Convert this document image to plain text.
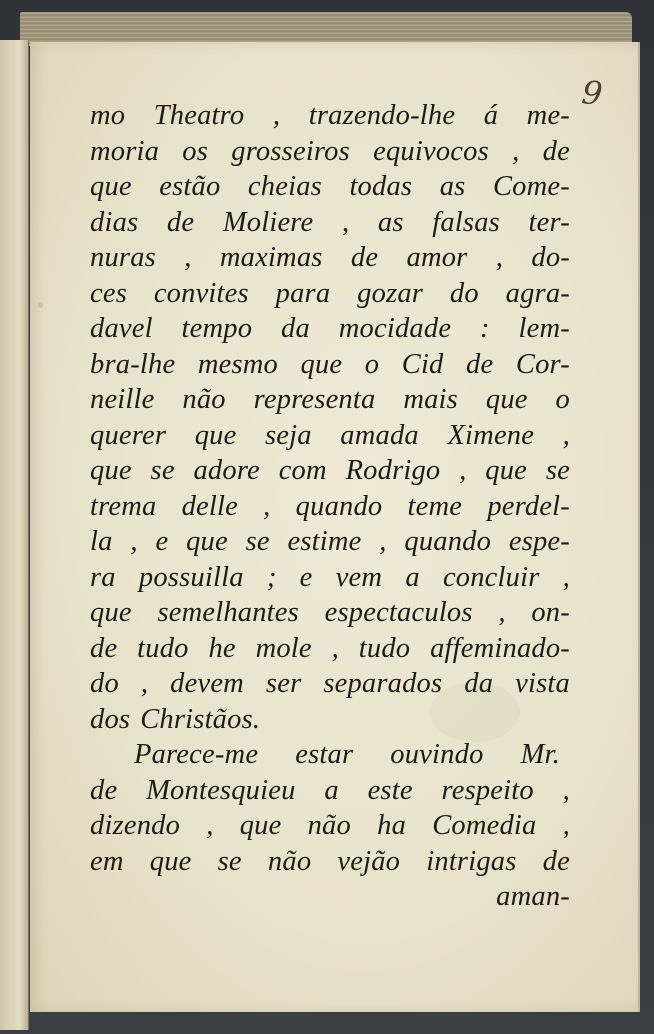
9
mo Theatro , trazendo-lhe á me-
moria os grosseiros equivocos , de
que estão cheias todas as Come-
dias de Moliere , as falsas ter-
nuras , maximas de amor , do-
ces convites para gozar do agra-
davel tempo da mocidade : lem-
bra-lhe mesmo que o Cid de Cor-
neille não representa mais que o
querer que seja amada Ximene ,
que se adore com Rodrigo , que se
trema delle , quando teme perdel-
la , e que se estime , quando espe-
ra possuilla ; e vem a concluir ,
que semelhantes espectaculos , on-
de tudo he mole , tudo affeminado-
do , devem ser separados da vista
dos Christãos.
Parece-me estar ouvindo Mr.
de Montesquieu a este respeito ,
dizendo , que não ha Comedia ,
em que se não vejão intrigas de
aman-
